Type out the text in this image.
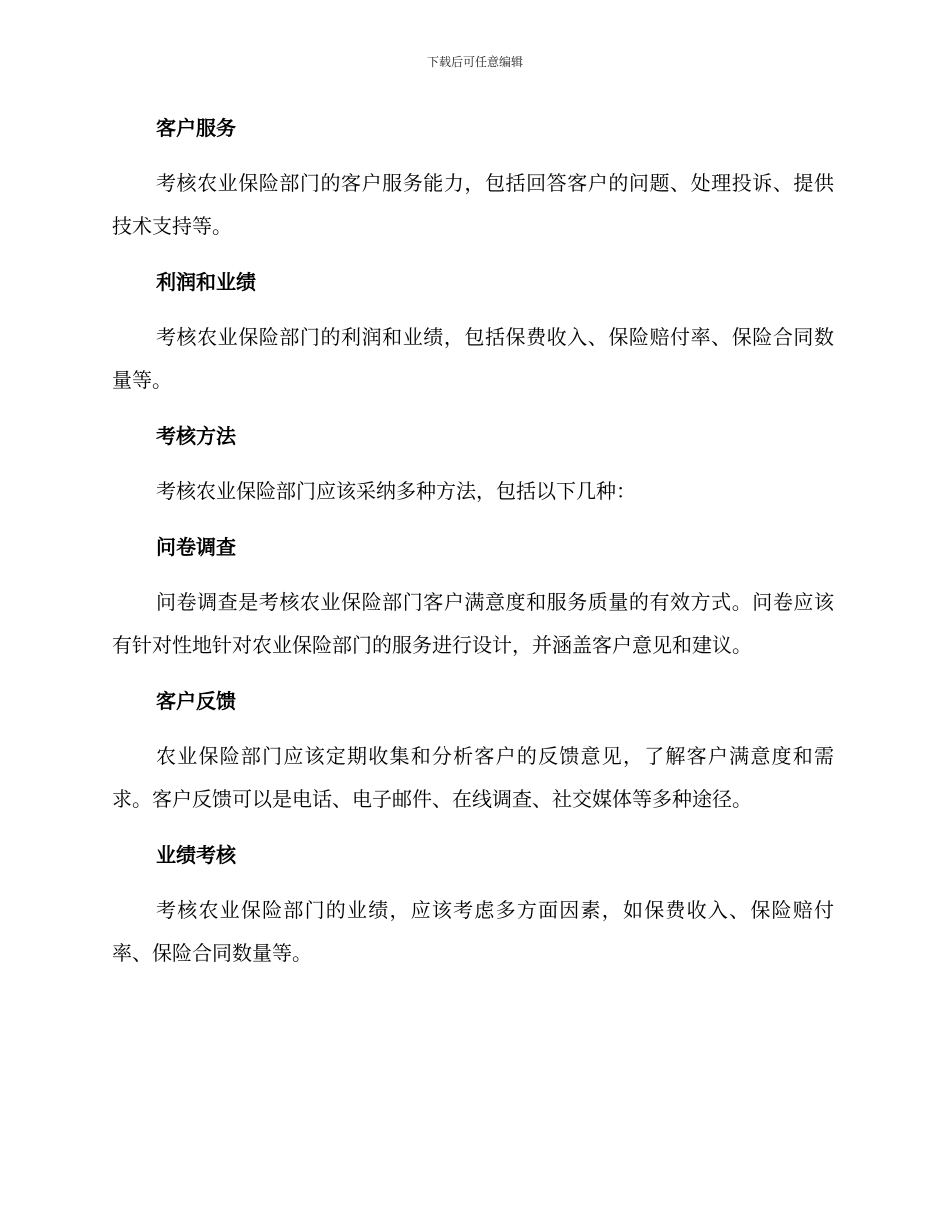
下载后可任意编辑
客户服务
考核农业保险部门的客户服务能力，包括回答客户的问题、处理投诉、提供技术支持等。
利润和业绩
考核农业保险部门的利润和业绩，包括保费收入、保险赔付率、保险合同数量等。
考核方法
考核农业保险部门应该采纳多种方法，包括以下几种：
问卷调查
问卷调查是考核农业保险部门客户满意度和服务质量的有效方式。问卷应该有针对性地针对农业保险部门的服务进行设计，并涵盖客户意见和建议。
客户反馈
农业保险部门应该定期收集和分析客户的反馈意见，了解客户满意度和需求。客户反馈可以是电话、电子邮件、在线调查、社交媒体等多种途径。
业绩考核
考核农业保险部门的业绩，应该考虑多方面因素，如保费收入、保险赔付率、保险合同数量等。
